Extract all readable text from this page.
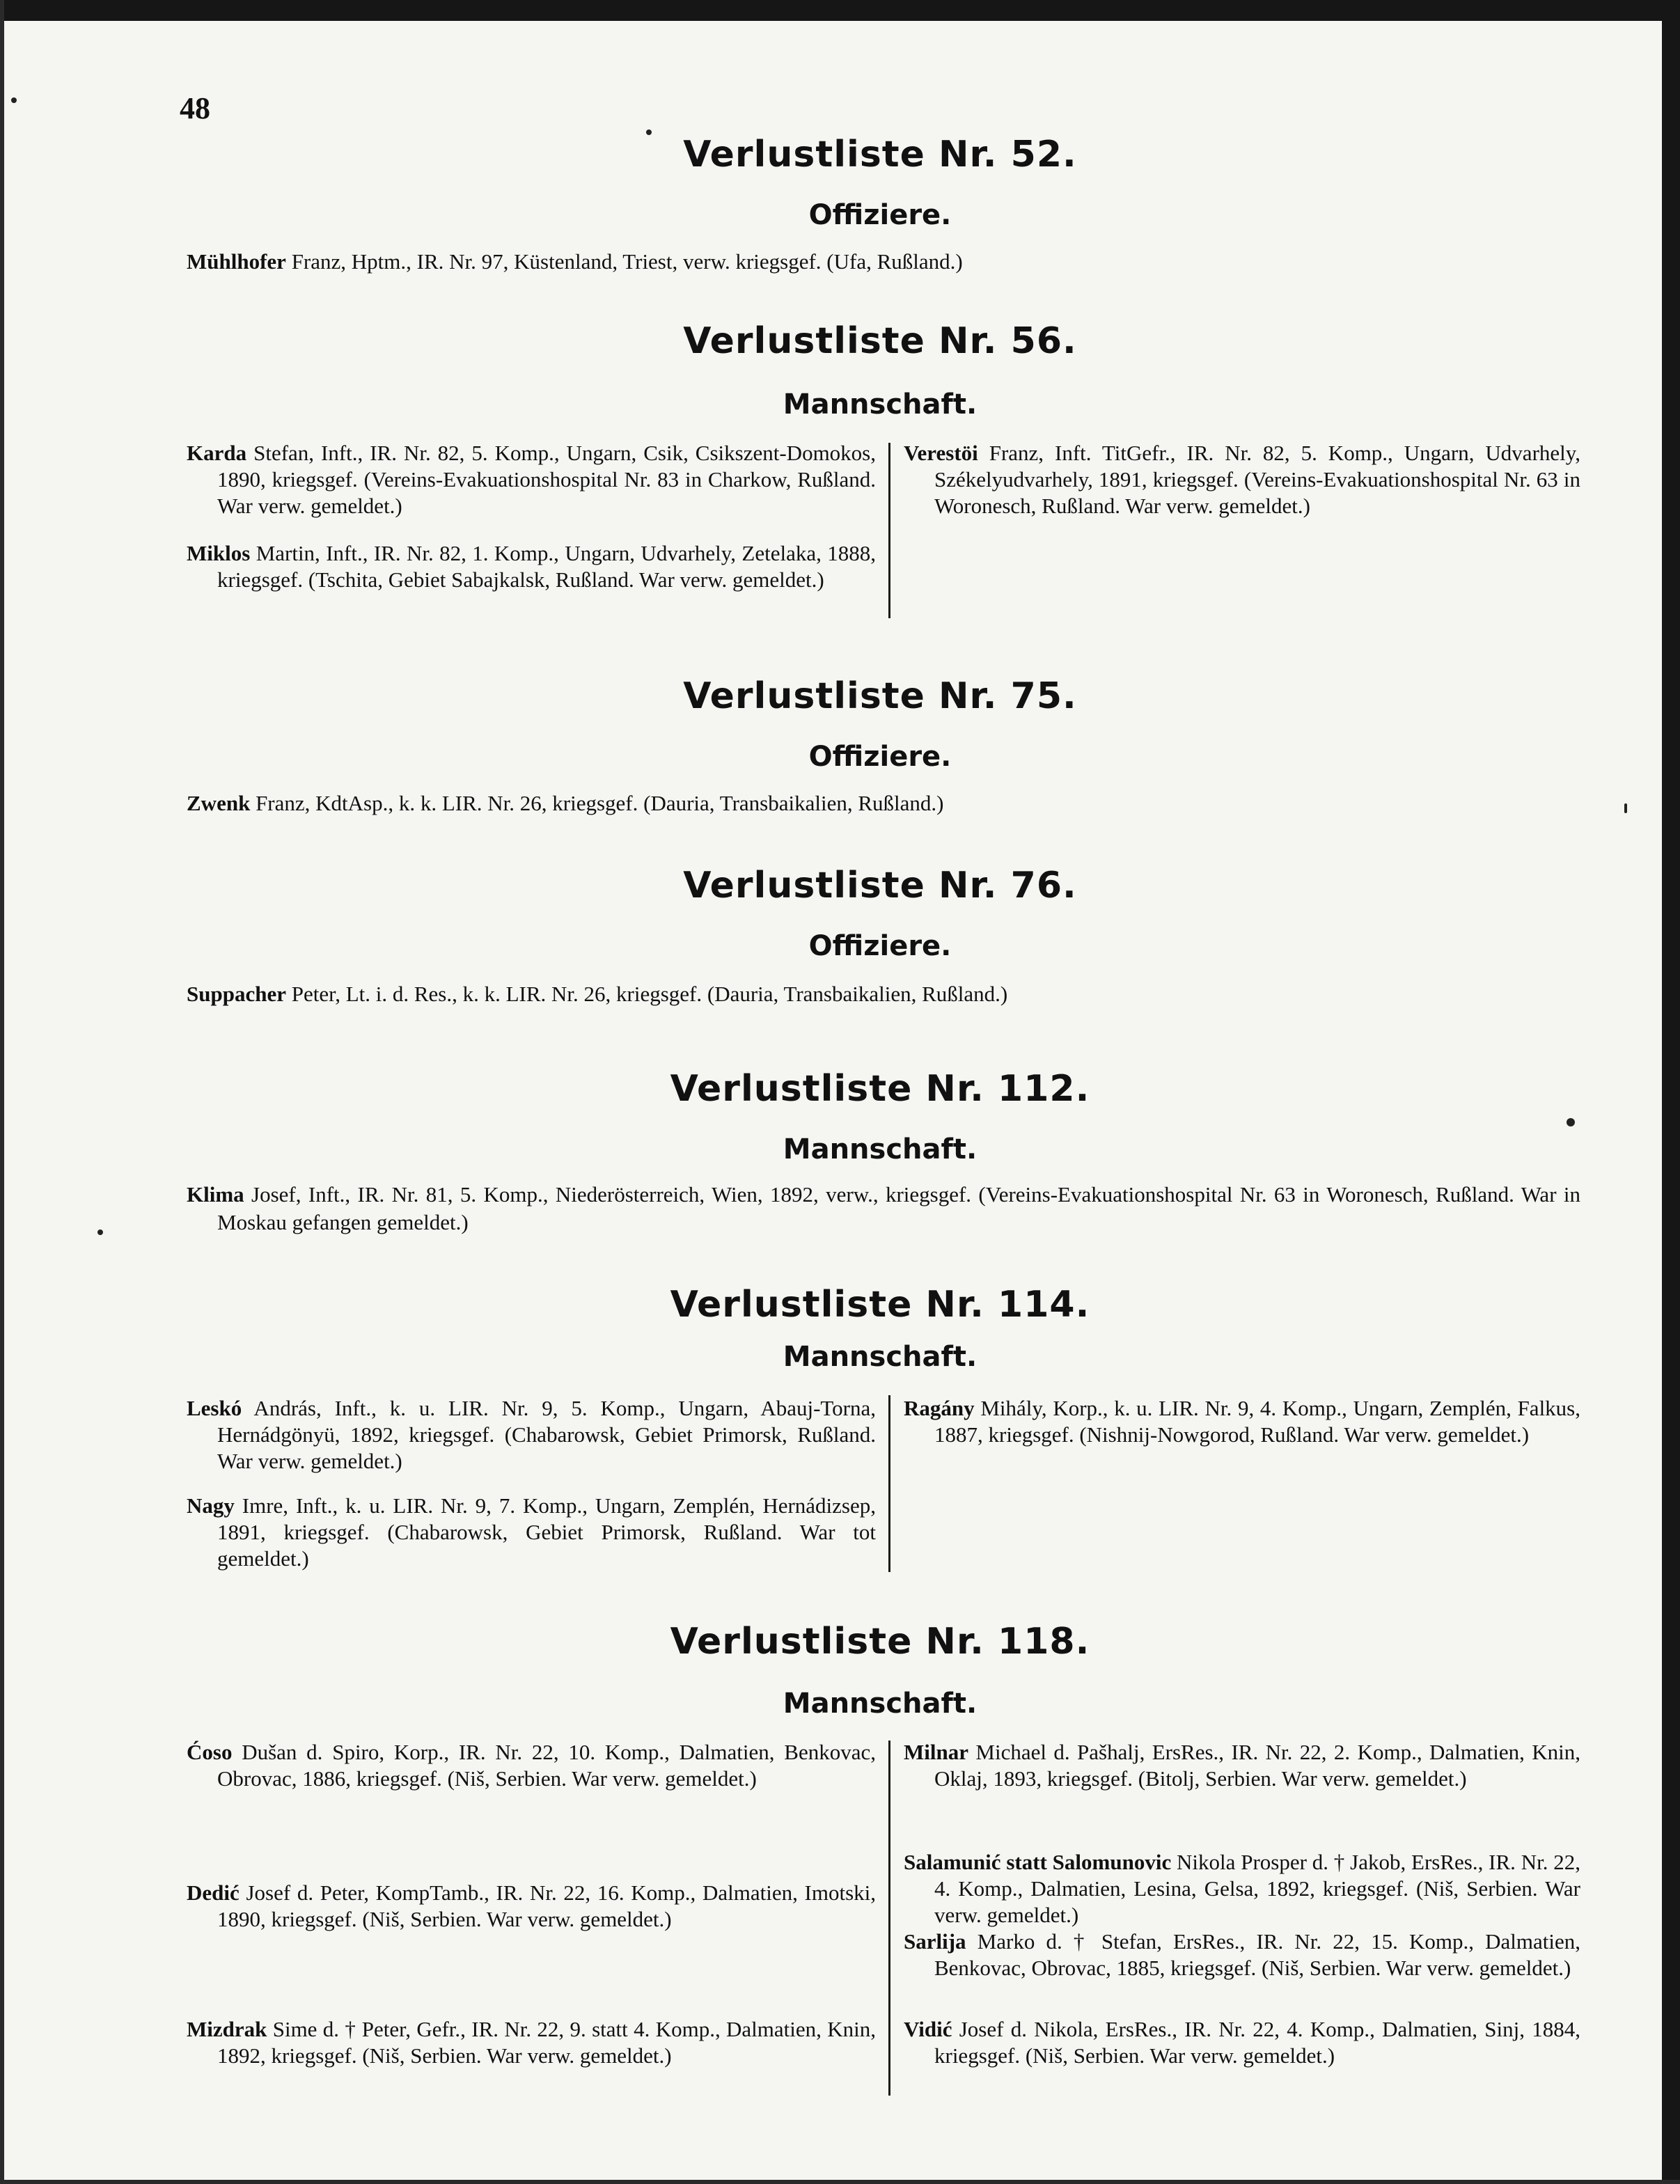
48
Verlustliste Nr. 52.
Offiziere.
Mühlhofer Franz, Hptm., IR. Nr. 97, Küstenland, Triest, verw. kriegsgef. (Ufa, Rußland.)
Verlustliste Nr. 56.
Mannschaft.
Karda Stefan, Inft., IR. Nr. 82, 5. Komp., Ungarn, Csik, Csikszent-Domokos, 1890, kriegsgef. (Vereins-Evakuationshospital Nr. 83 in Charkow, Rußland. War verw. gemeldet.)
Miklos Martin, Inft., IR. Nr. 82, 1. Komp., Ungarn, Udvarhely, Zetelaka, 1888, kriegsgef. (Tschita, Gebiet Sabajkalsk, Rußland. War verw. gemeldet.)
Verestöi Franz, Inft. TitGefr., IR. Nr. 82, 5. Komp., Ungarn, Udvarhely, Székelyudvarhely, 1891, kriegsgef. (Vereins-Evakuationshospital Nr. 63 in Woronesch, Rußland. War verw. gemeldet.)
Verlustliste Nr. 75.
Offiziere.
Zwenk Franz, KdtAsp., k. k. LIR. Nr. 26, kriegsgef. (Dauria, Transbaikalien, Rußland.)
Verlustliste Nr. 76.
Offiziere.
Suppacher Peter, Lt. i. d. Res., k. k. LIR. Nr. 26, kriegsgef. (Dauria, Transbaikalien, Rußland.)
Verlustliste Nr. 112.
Mannschaft.
Klima Josef, Inft., IR. Nr. 81, 5. Komp., Niederösterreich, Wien, 1892, verw., kriegsgef. (Vereins-Evakuationshospital Nr. 63 in Woronesch, Rußland. War in Moskau gefangen gemeldet.)
Verlustliste Nr. 114.
Mannschaft.
Leskó András, Inft., k. u. LIR. Nr. 9, 5. Komp., Ungarn, Abauj-Torna, Hernádgönyü, 1892, kriegsgef. (Chabarowsk, Gebiet Primorsk, Rußland. War verw. gemeldet.)
Nagy Imre, Inft., k. u. LIR. Nr. 9, 7. Komp., Ungarn, Zemplén, Hernádizsep, 1891, kriegsgef. (Chabarowsk, Gebiet Primorsk, Rußland. War tot gemeldet.)
Ragány Mihály, Korp., k. u. LIR. Nr. 9, 4. Komp., Ungarn, Zemplén, Falkus, 1887, kriegsgef. (Nishnij-Nowgorod, Rußland. War verw. gemeldet.)
Verlustliste Nr. 118.
Mannschaft.
Ćoso Dušan d. Spiro, Korp., IR. Nr. 22, 10. Komp., Dalmatien, Benkovac, Obrovac, 1886, kriegsgef. (Niš, Serbien. War verw. gemeldet.)
Dedić Josef d. Peter, KompTamb., IR. Nr. 22, 16. Komp., Dalmatien, Imotski, 1890, kriegsgef. (Niš, Serbien. War verw. gemeldet.)
Mizdrak Sime d. † Peter, Gefr., IR. Nr. 22, 9. statt 4. Komp., Dalmatien, Knin, 1892, kriegsgef. (Niš, Serbien. War verw. gemeldet.)
Milnar Michael d. Pašhalj, ErsRes., IR. Nr. 22, 2. Komp., Dalmatien, Knin, Oklaj, 1893, kriegsgef. (Bitolj, Serbien. War verw. gemeldet.)
Salamunić statt Salomunovic Nikola Prosper d. † Jakob, ErsRes., IR. Nr. 22, 4. Komp., Dalmatien, Lesina, Gelsa, 1892, kriegsgef. (Niš, Serbien. War verw. gemeldet.)
Sarlija Marko d. † Stefan, ErsRes., IR. Nr. 22, 15. Komp., Dalmatien, Benkovac, Obrovac, 1885, kriegsgef. (Niš, Serbien. War verw. gemeldet.)
Vidić Josef d. Nikola, ErsRes., IR. Nr. 22, 4. Komp., Dalmatien, Sinj, 1884, kriegsgef. (Niš, Serbien. War verw. gemeldet.)
